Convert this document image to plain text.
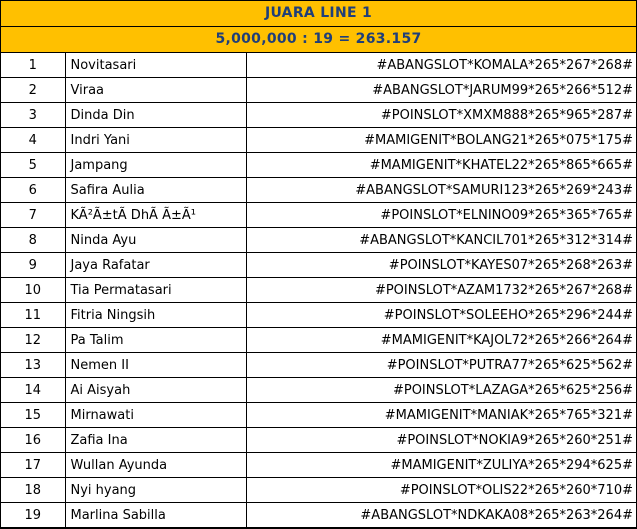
JUARA LINE 1
5,000,000 : 19 = 263.157
1	Novitasari	#ABANGSLOT*KOMALA*265*267*268#
2	Viraa	#ABANGSLOT*JARUM99*265*266*512#
3	Dinda Din	#POINSLOT*XMXM888*265*965*287#
4	Indri Yani	#MAMIGENIT*BOLANG21*265*075*175#
5	Jampang	#MAMIGENIT*KHATEL22*265*865*665#
6	Safira Aulia	#ABANGSLOT*SAMURI123*265*269*243#
7	KÃ²Ã±tÃ DhÃ Ã±Ã¹	#POINSLOT*ELNINO09*265*365*765#
8	Ninda Ayu	#ABANGSLOT*KANCIL701*265*312*314#
9	Jaya Rafatar	#POINSLOT*KAYES07*265*268*263#
10	Tia Permatasari	#POINSLOT*AZAM1732*265*267*268#
11	Fitria Ningsih	#POINSLOT*SOLEEHO*265*296*244#
12	Pa Talim	#MAMIGENIT*KAJOL72*265*266*264#
13	Nemen II	#POINSLOT*PUTRA77*265*625*562#
14	Ai Aisyah	#POINSLOT*LAZAGA*265*625*256#
15	Mirnawati	#MAMIGENIT*MANIAK*265*765*321#
16	Zafia Ina	#POINSLOT*NOKIA9*265*260*251#
17	Wullan Ayunda	#MAMIGENIT*ZULIYA*265*294*625#
18	Nyi hyang	#POINSLOT*OLIS22*265*260*710#
19	Marlina Sabilla	#ABANGSLOT*NDKAKA08*265*263*264#
